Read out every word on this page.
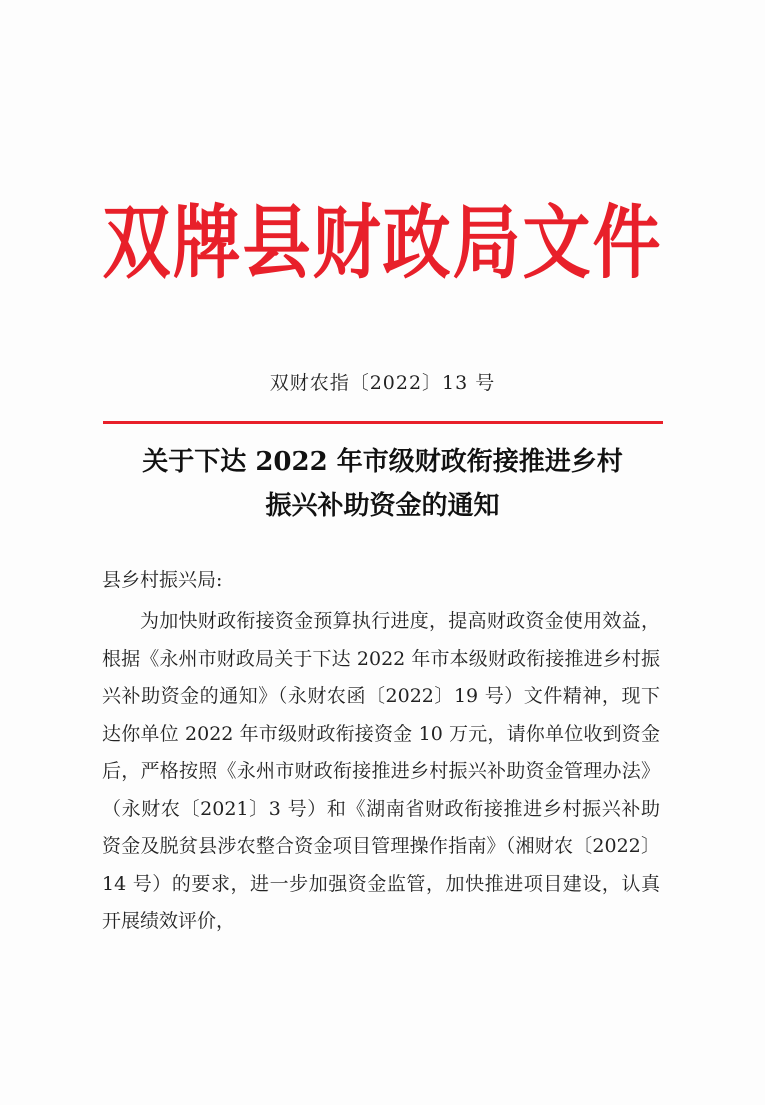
双牌县财政局文件
双财农指〔2022〕13 号
关于下达 2022 年市级财政衔接推进乡村
振兴补助资金的通知
县乡村振兴局:
为加快财政衔接资金预算执行进度，提高财政资金使用效益，根据《永州市财政局关于下达 2022 年市本级财政衔接推进乡村振兴补助资金的通知》（永财农函〔2022〕19 号）文件精神，现下达你单位 2022 年市级财政衔接资金 10 万元，请你单位收到资金后，严格按照《永州市财政衔接推进乡村振兴补助资金管理办法》（永财农〔2021〕3 号）和《湖南省财政衔接推进乡村振兴补助资金及脱贫县涉农整合资金项目管理操作指南》（湘财农〔2022〕14 号）的要求，进一步加强资金监管，加快推进项目建设，认真开展绩效评价，
